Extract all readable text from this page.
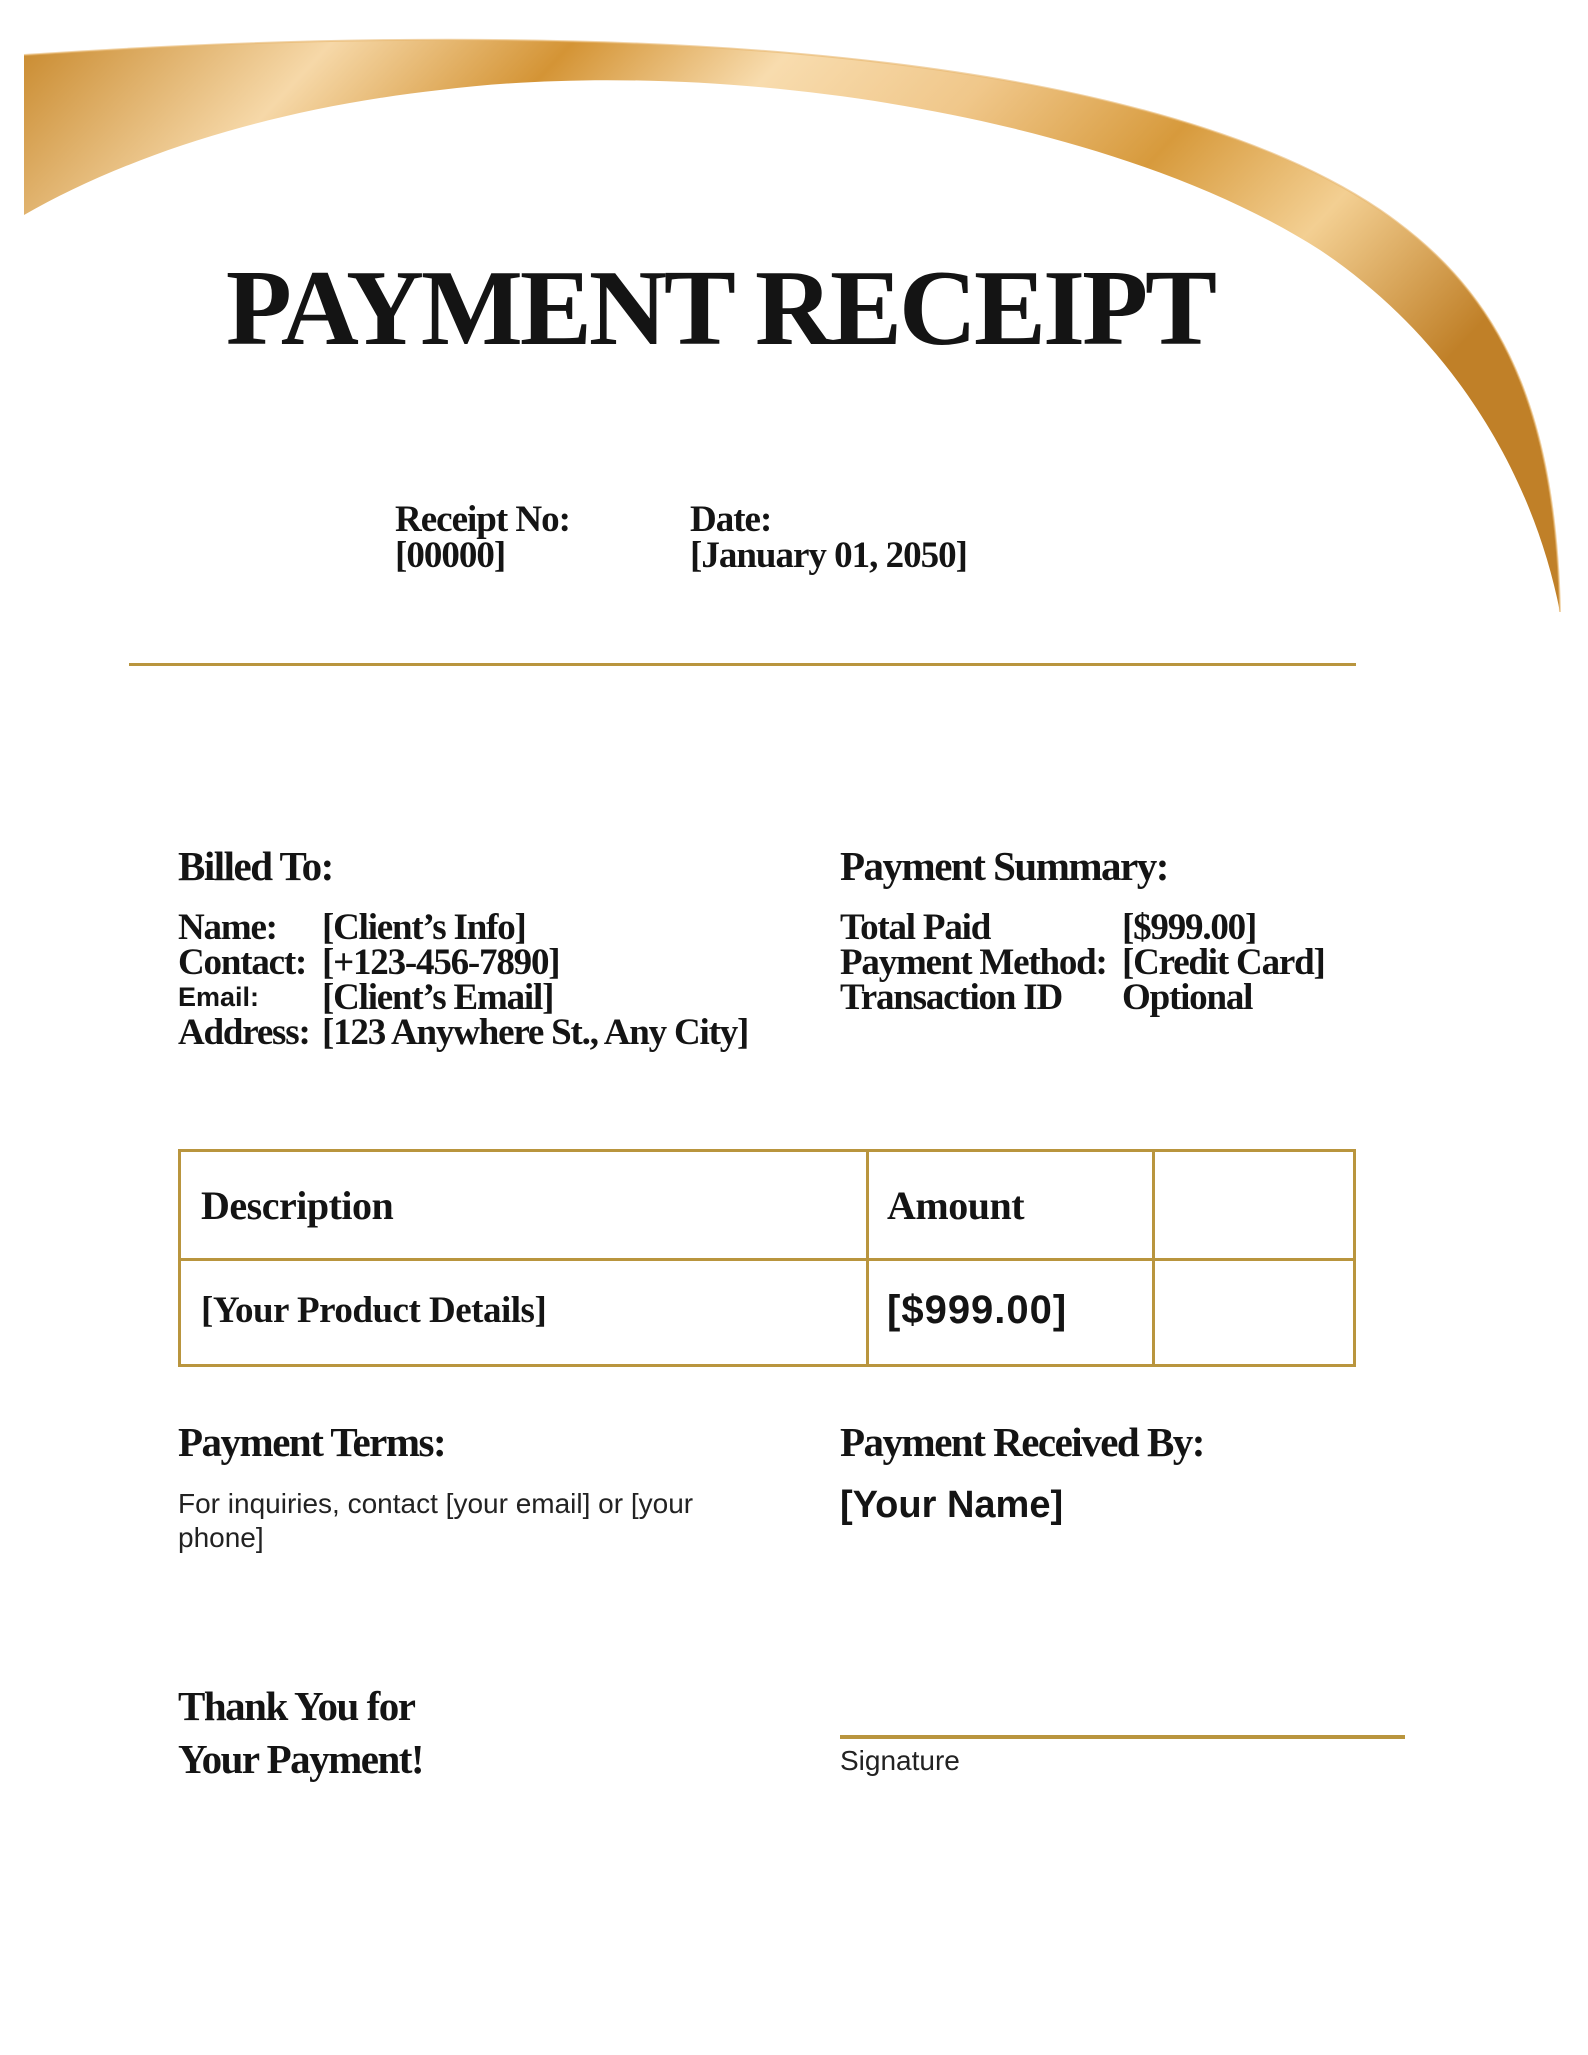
PAYMENT RECEIPT
Receipt No:
[00000]
Date:
[January 01, 2050]
Billed To:
Name:	[Client’s Info]
Contact: [+123-456-7890]
Email:	[Client’s Email]
Address: [123 Anywhere St., Any City]
Payment Summary:
Total Paid	[$999.00]
Payment Method: [Credit Card]
Transaction ID	Optional
Description	Amount
[Your Product Details]	[$999.00]
Payment Terms:
For inquiries, contact [your email] or [your phone]
Payment Received By:
[Your Name]
Thank You for
Your Payment!	Signature
